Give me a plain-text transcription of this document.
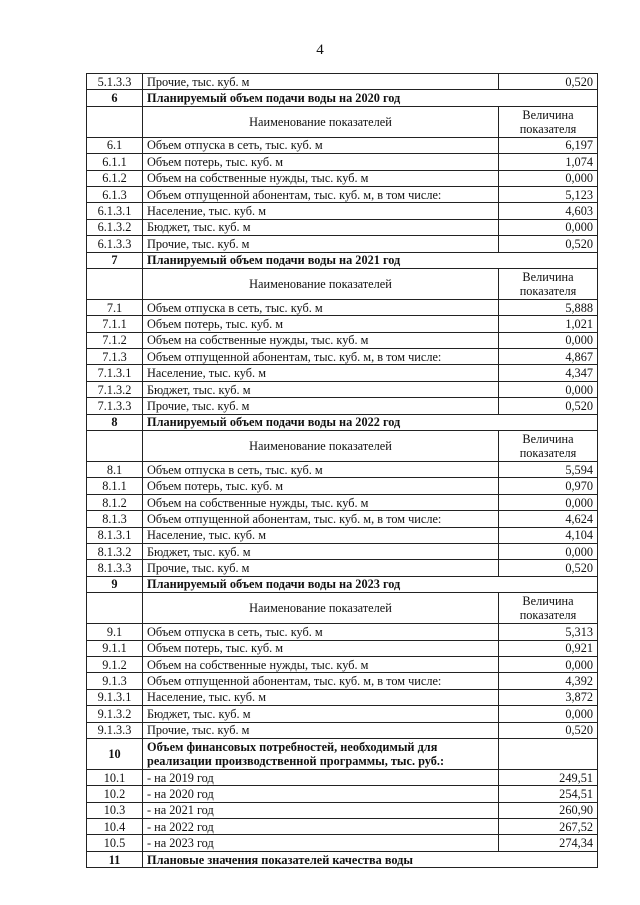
4
5.1.3.3	Прочие, тыс. куб. м	0,520
6	Планируемый объем подачи воды на 2020 год	
	Наименование показателей	Величина показателя
6.1	Объем отпуска в сеть, тыс. куб. м	6,197
6.1.1	Объем потерь, тыс. куб. м	1,074
6.1.2	Объем на собственные нужды, тыс. куб. м	0,000
6.1.3	Объем отпущенной абонентам, тыс. куб. м, в том числе:	5,123
6.1.3.1	Население, тыс. куб. м	4,603
6.1.3.2	Бюджет, тыс. куб. м	0,000
6.1.3.3	Прочие, тыс. куб. м	0,520
7	Планируемый объем подачи воды на 2021 год	
	Наименование показателей	Величина показателя
7.1	Объем отпуска в сеть, тыс. куб. м	5,888
7.1.1	Объем потерь, тыс. куб. м	1,021
7.1.2	Объем на собственные нужды, тыс. куб. м	0,000
7.1.3	Объем отпущенной абонентам, тыс. куб. м, в том числе:	4,867
7.1.3.1	Население, тыс. куб. м	4,347
7.1.3.2	Бюджет, тыс. куб. м	0,000
7.1.3.3	Прочие, тыс. куб. м	0,520
8	Планируемый объем подачи воды на 2022 год	
	Наименование показателей	Величина показателя
8.1	Объем отпуска в сеть, тыс. куб. м	5,594
8.1.1	Объем потерь, тыс. куб. м	0,970
8.1.2	Объем на собственные нужды, тыс. куб. м	0,000
8.1.3	Объем отпущенной абонентам, тыс. куб. м, в том числе:	4,624
8.1.3.1	Население, тыс. куб. м	4,104
8.1.3.2	Бюджет, тыс. куб. м	0,000
8.1.3.3	Прочие, тыс. куб. м	0,520
9	Планируемый объем подачи воды на 2023 год	
	Наименование показателей	Величина показателя
9.1	Объем отпуска в сеть, тыс. куб. м	5,313
9.1.1	Объем потерь, тыс. куб. м	0,921
9.1.2	Объем на собственные нужды, тыс. куб. м	0,000
9.1.3	Объем отпущенной абонентам, тыс. куб. м, в том числе:	4,392
9.1.3.1	Население, тыс. куб. м	3,872
9.1.3.2	Бюджет, тыс. куб. м	0,000
9.1.3.3	Прочие, тыс. куб. м	0,520
10	Объем финансовых потребностей, необходимый для реализации производственной программы, тыс. руб.:	
10.1	- на 2019 год	249,51
10.2	- на 2020 год	254,51
10.3	- на 2021 год	260,90
10.4	- на 2022 год	267,52
10.5	- на 2023 год	274,34
11	Плановые значения показателей качества воды	
